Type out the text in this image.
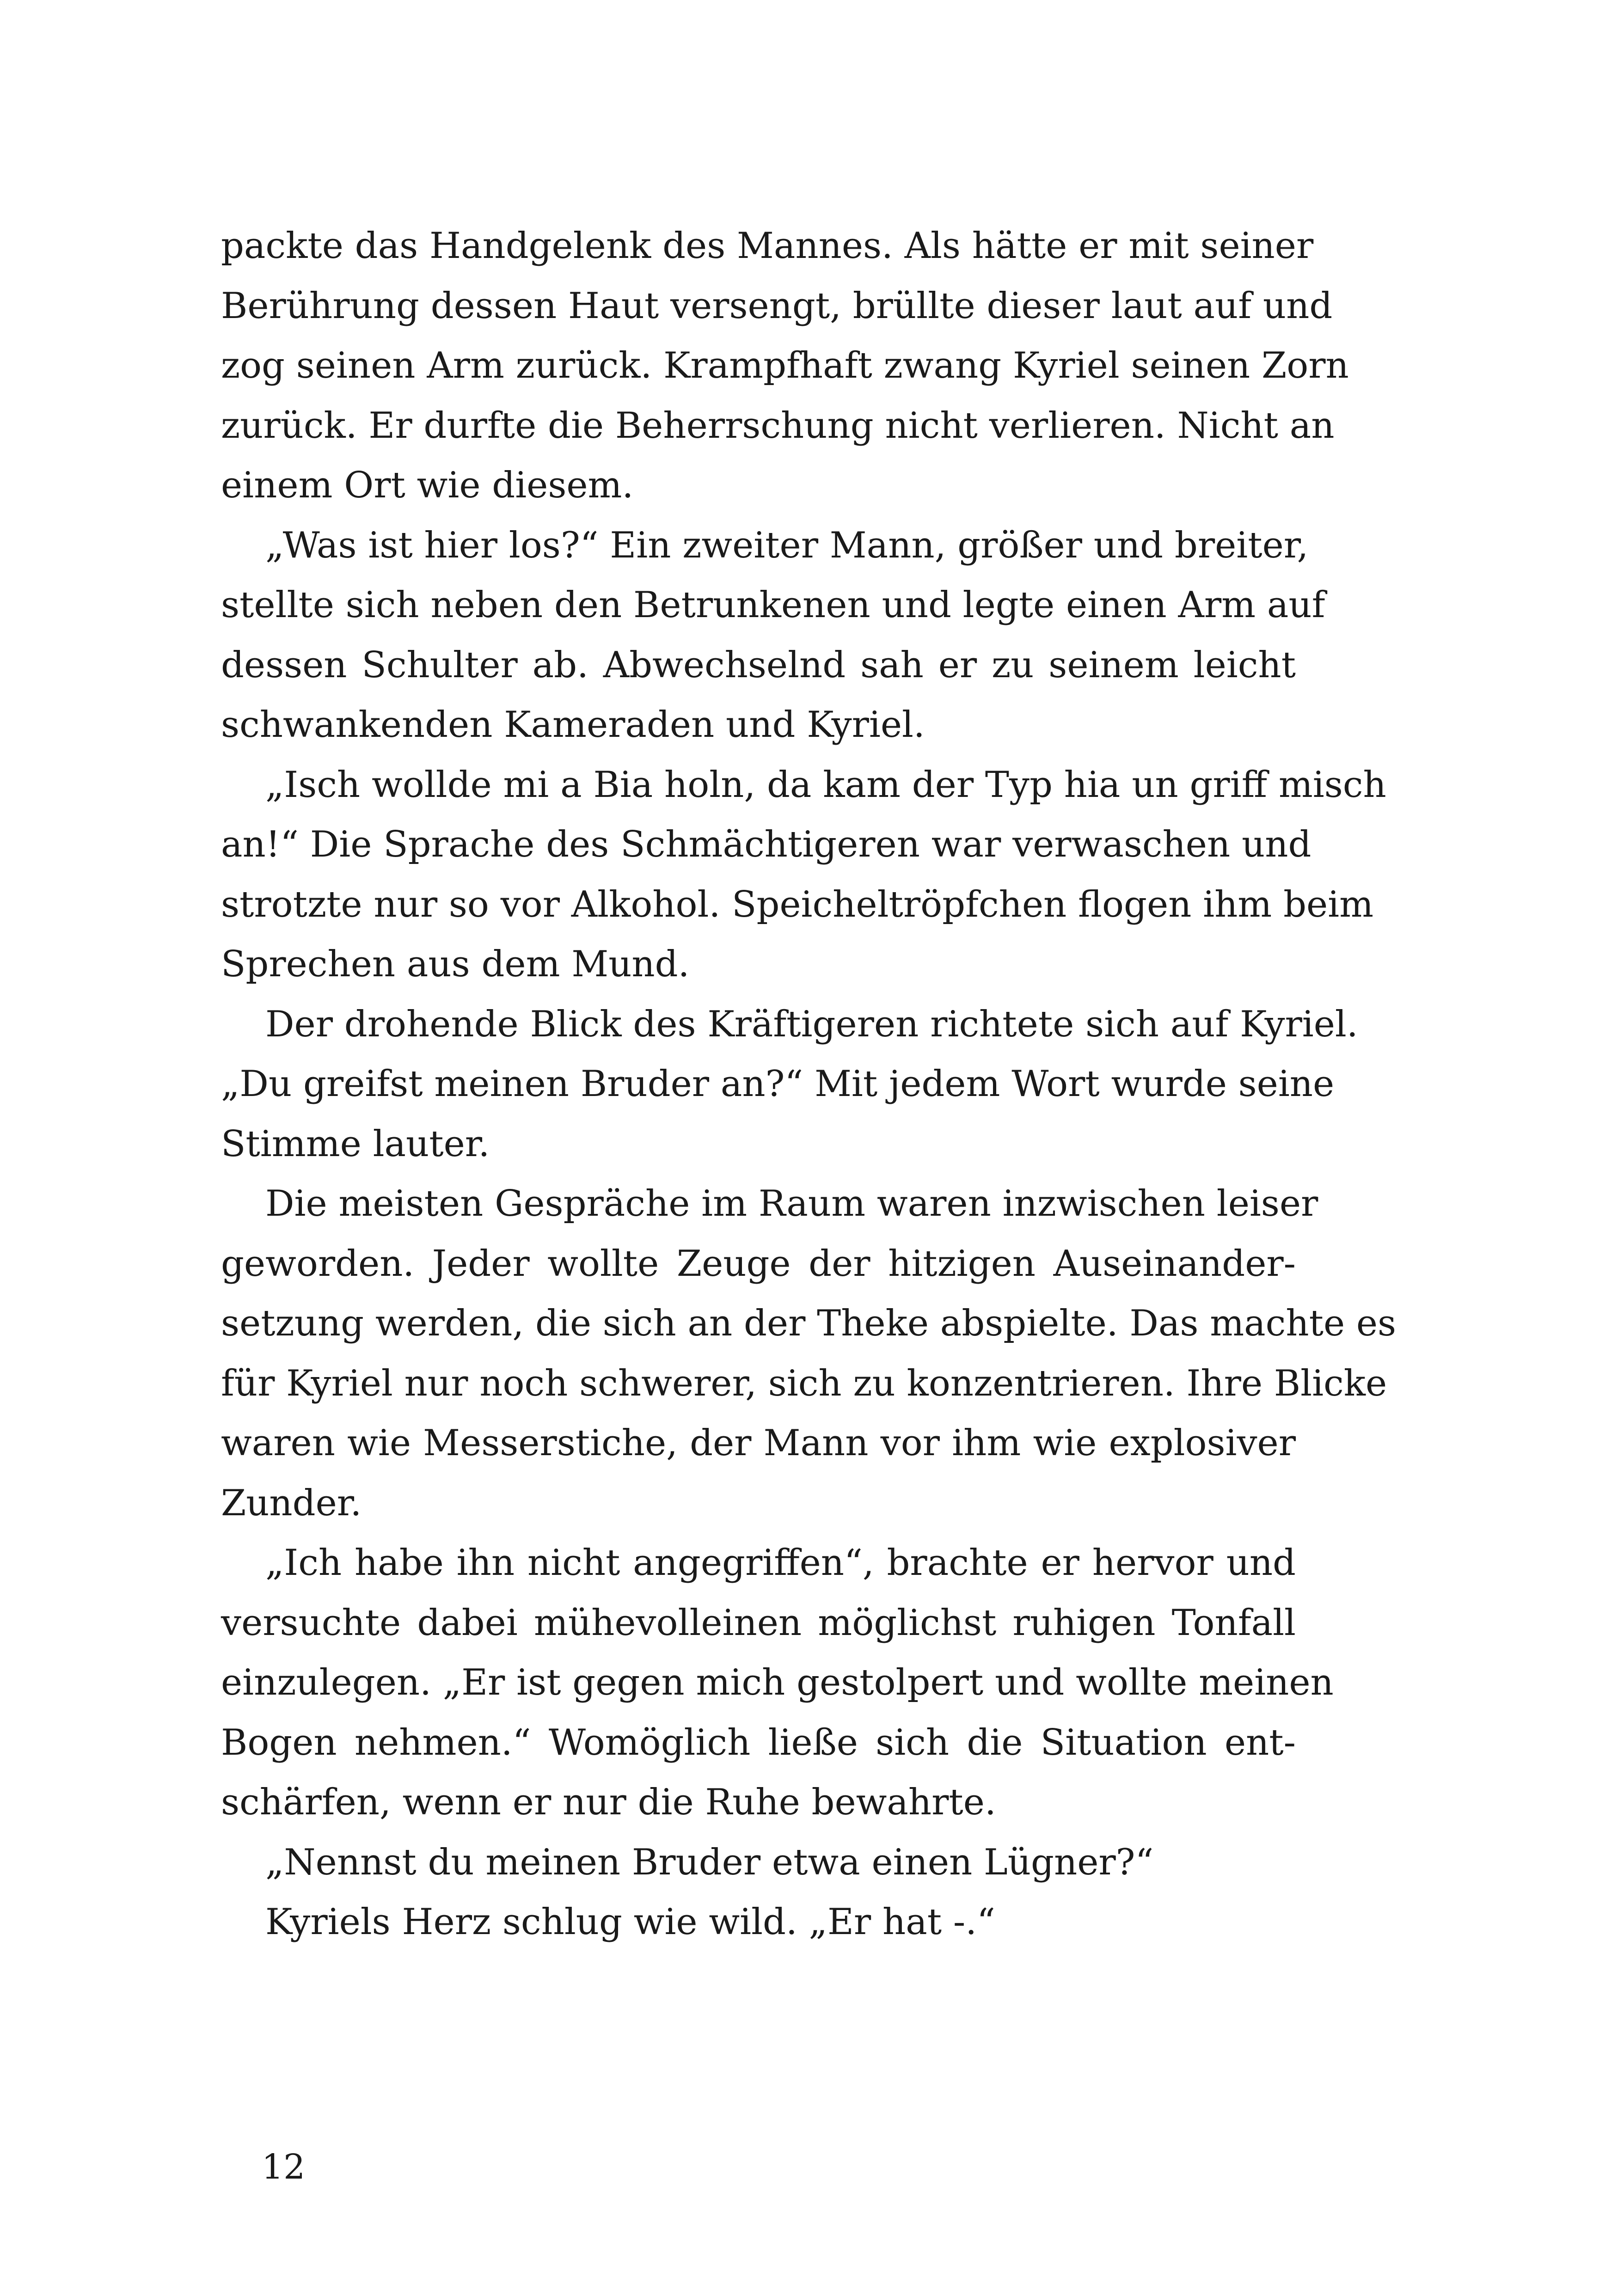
packte das Handgelenk des Mannes. Als hätte er mit seiner
Berührung dessen Haut versengt, brüllte dieser laut auf und
zog seinen Arm zurück. Krampfhaft zwang Kyriel seinen Zorn
zurück. Er durfte die Beherrschung nicht verlieren. Nicht an
einem Ort wie diesem.
„Was ist hier los?“ Ein zweiter Mann, größer und breiter,
stellte sich neben den Betrunkenen und legte einen Arm auf
dessen Schulter ab. Abwechselnd sah er zu seinem leicht
schwankenden Kameraden und Kyriel.
„Isch wollde mi a Bia holn, da kam der Typ hia un griff misch
an!“ Die Sprache des Schmächtigeren war verwaschen und
strotzte nur so vor Alkohol. Speicheltröpfchen flogen ihm beim
Sprechen aus dem Mund.
Der drohende Blick des Kräftigeren richtete sich auf Kyriel.
„Du greifst meinen Bruder an?“ Mit jedem Wort wurde seine
Stimme lauter.
Die meisten Gespräche im Raum waren inzwischen leiser
geworden. Jeder wollte Zeuge der hitzigen Auseinander-
setzung werden, die sich an der Theke abspielte. Das machte es
für Kyriel nur noch schwerer, sich zu konzentrieren. Ihre Blicke
waren wie Messerstiche, der Mann vor ihm wie explosiver
Zunder.
„Ich habe ihn nicht angegriffen“, brachte er hervor und
versuchte dabei mühevolleinen möglichst ruhigen Tonfall
einzulegen. „Er ist gegen mich gestolpert und wollte meinen
Bogen nehmen.“ Womöglich ließe sich die Situation ent-
schärfen, wenn er nur die Ruhe bewahrte.
„Nennst du meinen Bruder etwa einen Lügner?“
Kyriels Herz schlug wie wild. „Er hat -.“
12
